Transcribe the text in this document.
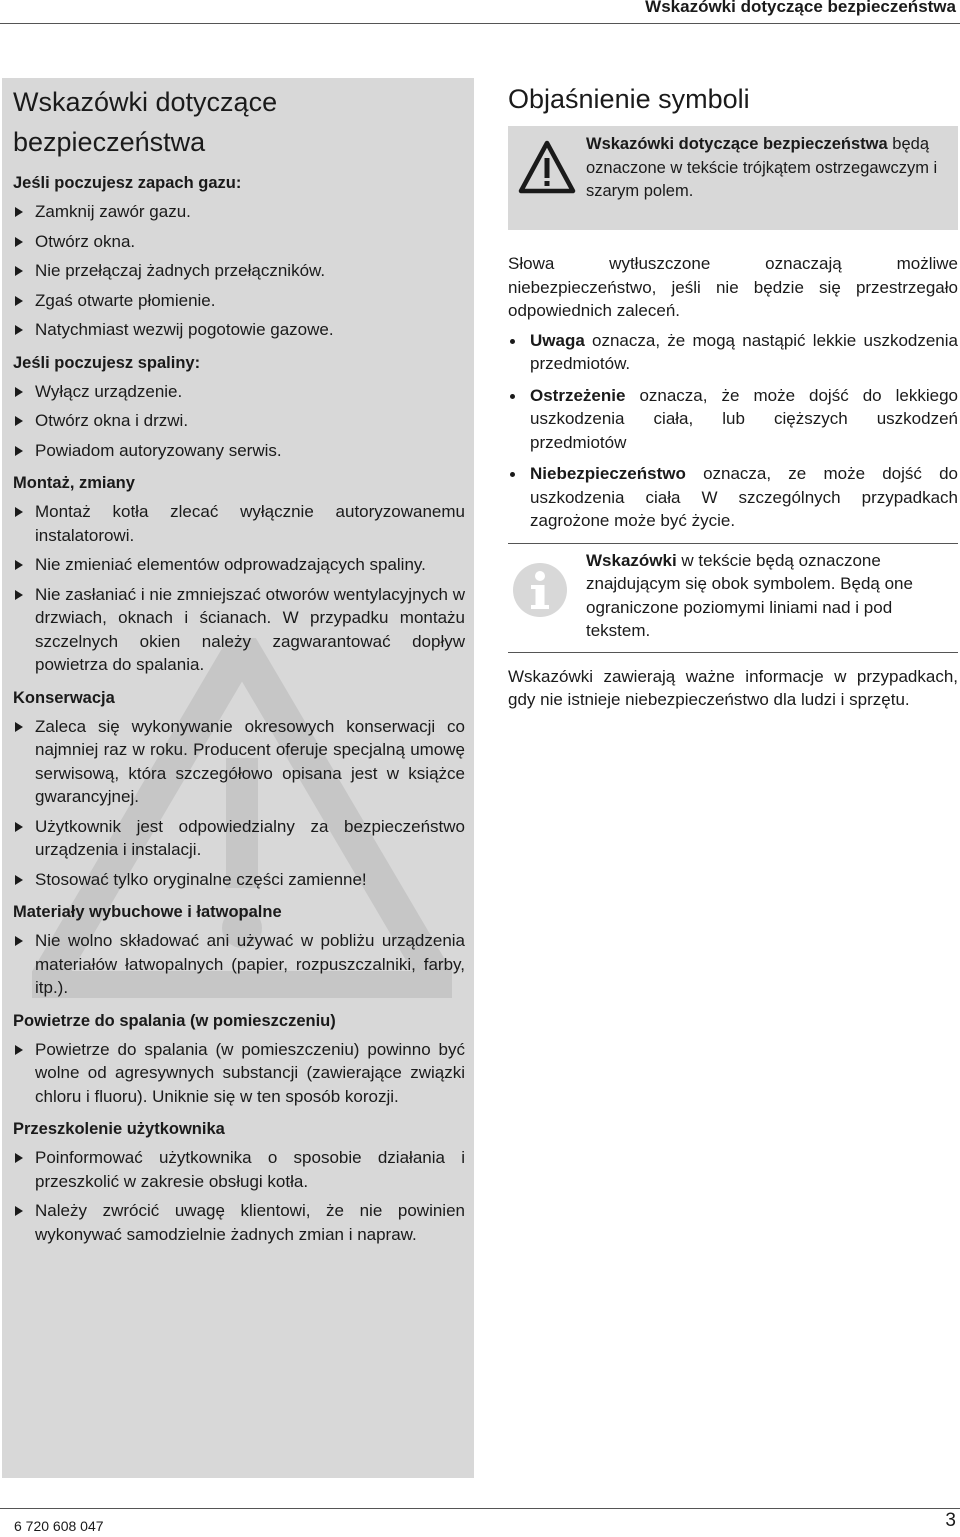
Wskazówki dotyczące bezpieczeństwa
Wskazówki dotyczące
bezpieczeństwa
Jeśli poczujesz zapach gazu:
Zamknij zawór gazu.
Otwórz okna.
Nie przełączaj żadnych przełączników.
Zgaś otwarte płomienie.
Natychmiast wezwij pogotowie gazowe.
Jeśli poczujesz spaliny:
Wyłącz urządzenie.
Otwórz okna i drzwi.
Powiadom autoryzowany serwis.
Montaż, zmiany
Montaż kotła zlecać wyłącznie autoryzowanemu instalatorowi.
Nie zmieniać elementów odprowadzających spaliny.
Nie zasłaniać i nie zmniejszać otworów wentylacyjnych w drzwiach, oknach i ścianach. W przypadku montażu szczelnych okien należy zagwarantować dopływ powietrza do spalania.
Konserwacja
Zaleca się wykonywanie okresowych konserwacji co najmniej raz w roku. Producent oferuje specjalną umowę serwisową, która szczegółowo opisana jest w książce gwarancyjnej.
Użytkownik jest odpowiedzialny za bezpieczeństwo urządzenia i instalacji.
Stosować tylko oryginalne części zamienne!
Materiały wybuchowe i łatwopalne
Nie wolno składować ani używać w pobliżu urządzenia materiałów łatwopalnych (papier, rozpuszczalniki, farby, itp.).
Powietrze do spalania (w pomieszczeniu)
Powietrze do spalania (w pomieszczeniu) powinno być wolne od agresywnych substancji (zawierające związki chloru i fluoru). Uniknie się w ten sposób korozji.
Przeszkolenie użytkownika
Poinformować użytkownika o sposobie działania i przeszkolić w zakresie obsługi kotła.
Należy zwrócić uwagę klientowi, że nie powinien wykonywać samodzielnie żadnych zmian i napraw.
Objaśnienie symboli
Wskazówki dotyczące bezpieczeństwa będą oznaczone w tekście trójkątem ostrzegawczym i szarym polem.

Słowa wytłuszczone oznaczają możliwe niebezpieczeństwo, jeśli nie będzie się przestrzegało odpowiednich zaleceń.

Uwaga oznacza, że mogą nastąpić lekkie uszkodzenia przedmiotów.
Ostrzeżenie oznacza, że może dojść do lekkiego uszkodzenia ciała, lub cięższych uszkodzeń przedmiotów
Niebezpieczeństwo oznacza, ze może dojść do uszkodzenia ciała W szczególnych przypadkach zagrożone może być życie.
Wskazówki w tekście będą oznaczone znajdującym się obok symbolem. Będą one ograniczone poziomymi liniami nad i pod tekstem.

Wskazówki zawierają ważne informacje w przypadkach, gdy nie istnieje niebezpieczeństwo dla ludzi i sprzętu.

6 720 608 047	3
